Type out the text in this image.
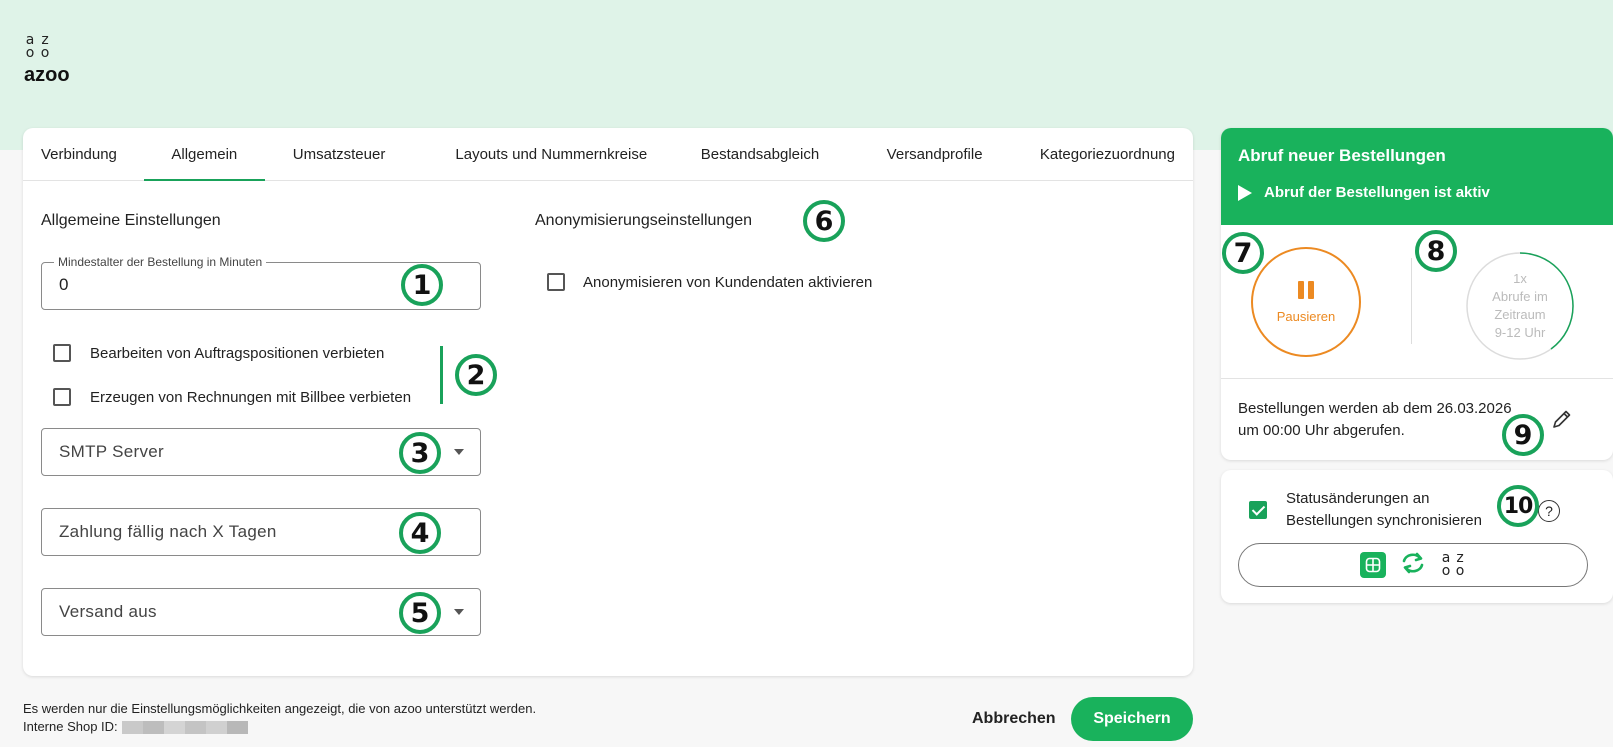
a z
o o
azoo
Verbindung	Allgemein	Umsatzsteuer	Layouts und Nummernkreise	Bestandsabgleich	Versandprofile	Kategoriezuordnung
Allgemeine Einstellungen
Mindestalter der Bestellung in Minuten
0
Bearbeiten von Auftragspositionen verbieten
Erzeugen von Rechnungen mit Billbee verbieten
SMTP Server
Zahlung fällig nach X Tagen
Versand aus
Anonymisierungseinstellungen
Anonymisieren von Kundendaten aktivieren
1
2
3
4
5
6
Abruf neuer Bestellungen
Abruf der Bestellungen ist aktiv
Pausieren
1x
Abrufe im
Zeitraum
9-12 Uhr
Bestellungen werden ab dem 26.03.2026 um 00:00 Uhr abgerufen.
Statusänderungen an Bestellungen synchronisieren
?
a z
o o
7	8
9
10
Es werden nur die Einstellungsmöglichkeiten angezeigt, die von azoo unterstützt werden.
Interne Shop ID:	Abbrechen	Speichern
